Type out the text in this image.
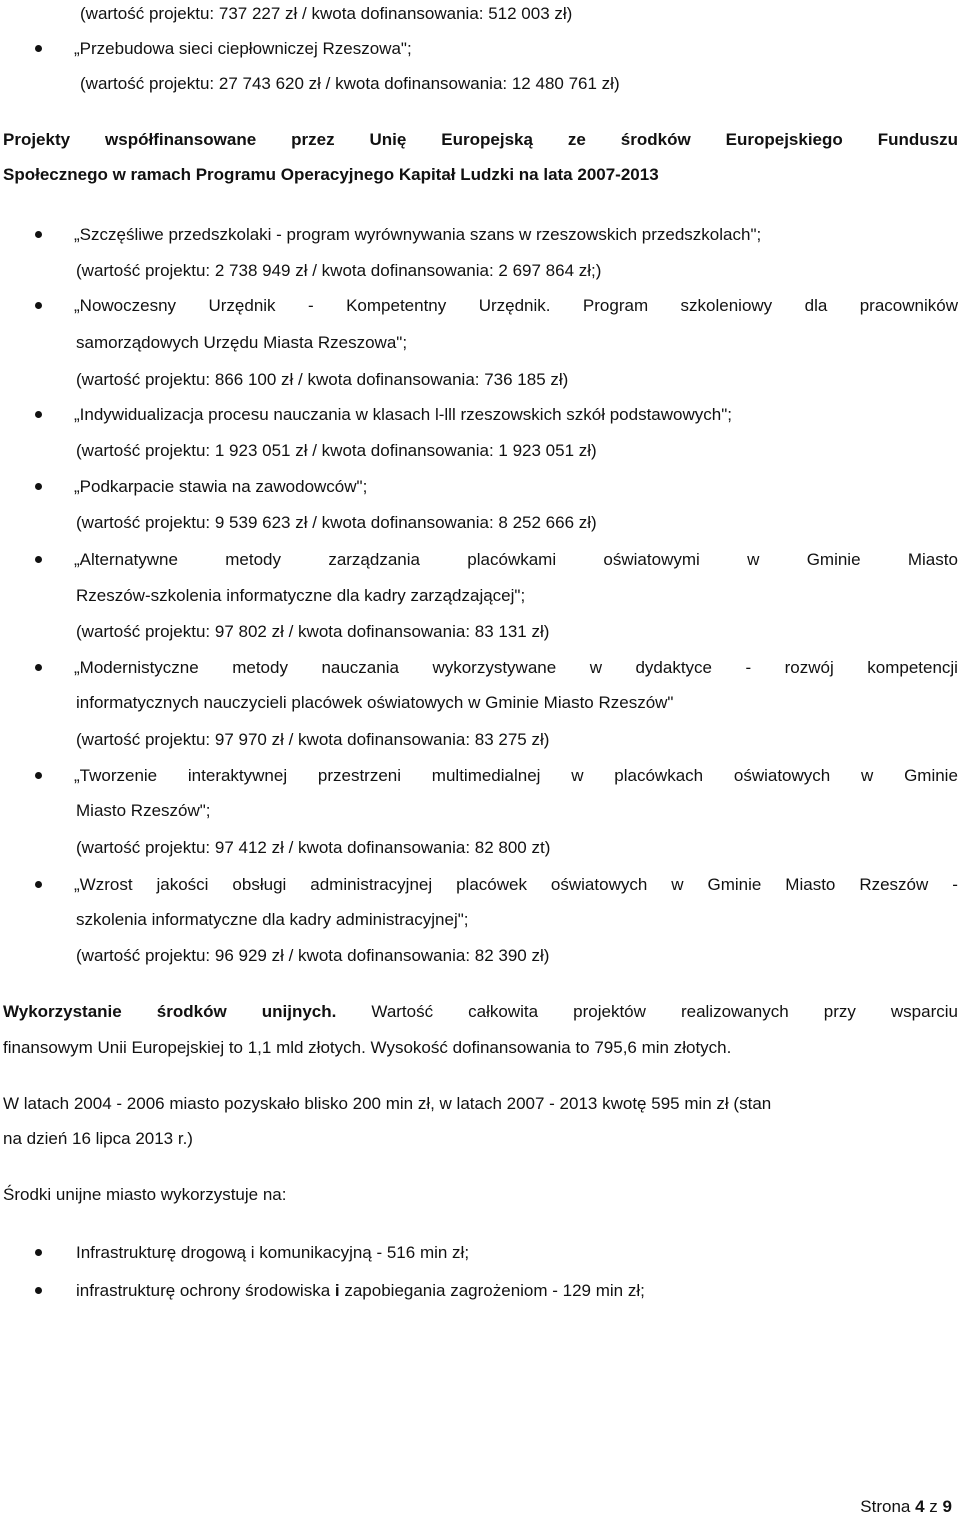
(wartość projektu: 737 227 zł / kwota dofinansowania: 512 003 zł)
„Przebudowa sieci ciepłowniczej Rzeszowa";
(wartość projektu: 27 743 620 zł / kwota dofinansowania: 12 480 761 zł)
Projekty współfinansowane przez Unię Europejską ze środków Europejskiego Funduszu
Społecznego w ramach Programu Operacyjnego Kapitał Ludzki na lata 2007-2013
„Szczęśliwe przedszkolaki - program wyrównywania szans w rzeszowskich przedszkolach";
(wartość projektu: 2 738 949 zł / kwota dofinansowania: 2 697 864 zł;)
„Nowoczesny Urzędnik - Kompetentny Urzędnik. Program szkoleniowy dla pracowników
samorządowych Urzędu Miasta Rzeszowa";
(wartość projektu: 866 100 zł / kwota dofinansowania: 736 185 zł)
„Indywidualizacja procesu nauczania w klasach l-lll rzeszowskich szkół podstawowych";
(wartość projektu: 1 923 051 zł / kwota dofinansowania: 1 923 051 zł)
„Podkarpacie stawia na zawodowców";
(wartość projektu: 9 539 623 zł / kwota dofinansowania: 8 252 666 zł)
„Alternatywne	metody	zarządzania	placówkami	oświatowymi	w	Gminie	Miasto
Rzeszów-szkolenia informatyczne dla kadry zarządzającej";
(wartość projektu: 97 802 zł / kwota dofinansowania: 83 131 zł)
„Modernistyczne metody nauczania wykorzystywane w dydaktyce - rozwój kompetencji
informatycznych nauczycieli placówek oświatowych w Gminie Miasto Rzeszów"
(wartość projektu: 97 970 zł / kwota dofinansowania: 83 275 zł)
„Tworzenie interaktywnej przestrzeni multimedialnej w placówkach oświatowych w Gminie
Miasto Rzeszów";
(wartość projektu: 97 412 zł / kwota dofinansowania: 82 800 zt)
„Wzrost jakości obsługi administracyjnej placówek oświatowych w Gminie Miasto Rzeszów -
szkolenia informatyczne dla kadry administracyjnej";
(wartość projektu: 96 929 zł / kwota dofinansowania: 82 390 zł)
Wykorzystanie środków unijnych. Wartość całkowita projektów realizowanych przy wsparciu
finansowym Unii Europejskiej to 1,1 mld złotych. Wysokość dofinansowania to 795,6 min złotych.
W latach 2004 - 2006 miasto pozyskało blisko 200 min zł, w latach 2007 - 2013 kwotę 595 min zł (stan
na dzień 16 lipca 2013 r.)
Środki unijne miasto wykorzystuje na:
Infrastrukturę drogową i komunikacyjną - 516 min zł;
infrastrukturę ochrony środowiska i zapobiegania zagrożeniom - 129 min zł;
Strona 4 z 9
